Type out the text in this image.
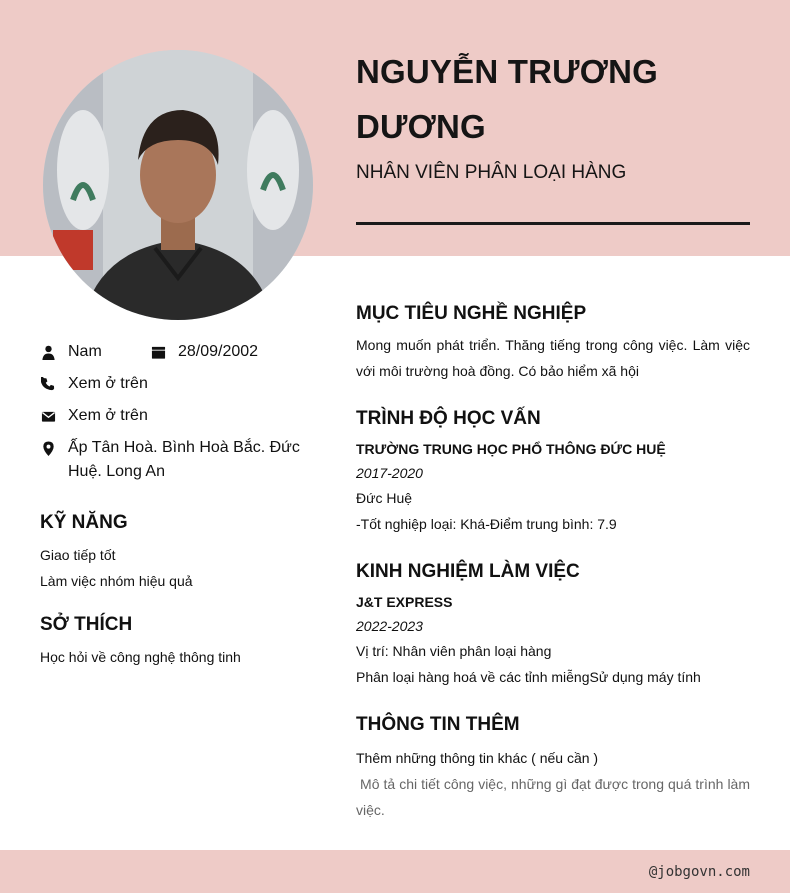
NGUYỄN TRƯƠNG
DƯƠNG
NHÂN VIÊN PHÂN LOẠI HÀNG
Nam	28/09/2002
Xem ở trên
Xem ở trên
Ấp Tân Hoà. Bình Hoà Bắc. Đức
Huệ. Long An
KỸ NĂNG
Giao tiếp tốt
Làm việc nhóm hiệu quả
SỞ THÍCH
Học hỏi về công nghệ thông tinh
MỤC TIÊU NGHỀ NGHIỆP
Mong muốn phát triển. Thăng tiếng trong công việc. Làm việc với môi trường hoà đồng. Có bảo hiểm xã hội
TRÌNH ĐỘ HỌC VẤN
TRƯỜNG TRUNG HỌC PHỔ THÔNG ĐỨC HUỆ
2017-2020
Đức Huệ
-Tốt nghiệp loại: Khá-Điểm trung bình: 7.9
KINH NGHIỆM LÀM VIỆC
J&T EXPRESS
2022-2023
Vị trí: Nhân viên phân loại hàng
Phân loại hàng hoá về các tỉnh miễngSử dụng máy tính
THÔNG TIN THÊM
Thêm những thông tin khác ( nếu cần )
Mô tả chi tiết công việc, những gì đạt được trong quá trình làm việc.
@jobgovn.com
